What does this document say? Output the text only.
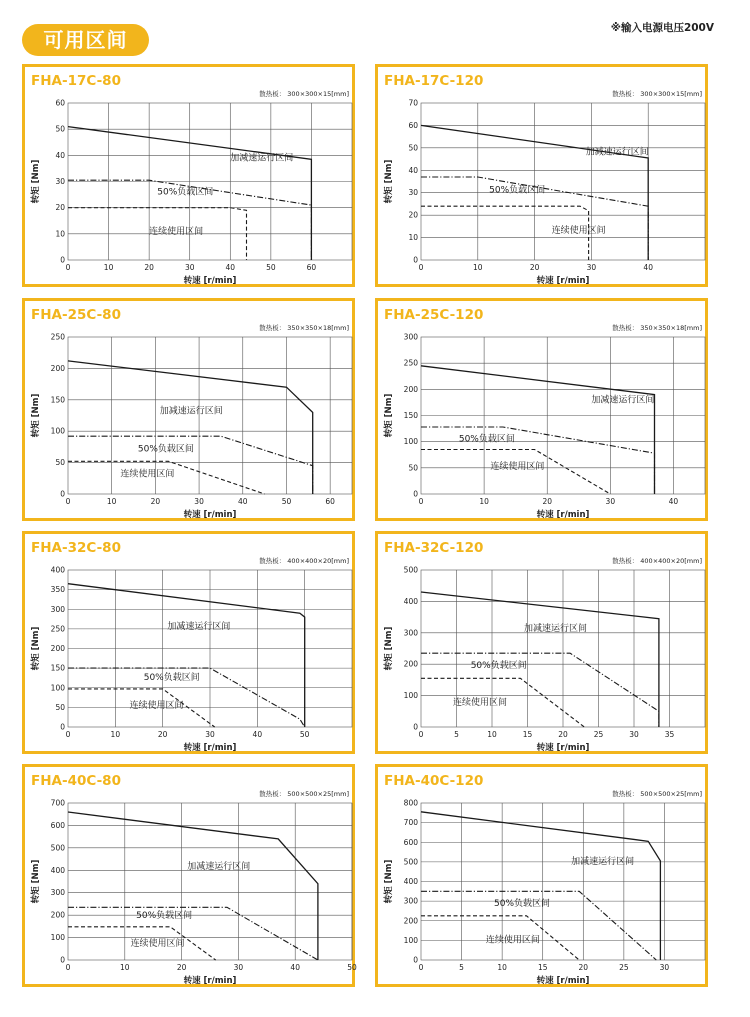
可用区间	※输入电源电压200V
FHA-17C-80
散热板： 300×300×15[mm]
0	10	20	30	40	50	60
0
10
20
30
40
50
60
转速 [r/min]
转矩 [Nm]
加减速运行区间
50%负载区间
连续使用区间
FHA-17C-120
散热板： 300×300×15[mm]
0	10	20	30	40
0
10
20
30
40
50
60
70
转速 [r/min]
转矩 [Nm]
加减速运行区间
50%负载区间
连续使用区间
FHA-25C-80
散热板： 350×350×18[mm]
0	10	20	30	40	50	60
0
50
100
150
200
250
转速 [r/min]
转矩 [Nm]	加减速运行区间
50%负载区间
连续使用区间
FHA-25C-120
散热板： 350×350×18[mm]
0	10	20	30	40
0
50
100
150
200
250
300
转速 [r/min]
转矩 [Nm]	加减速运行区间
50%负载区间
连续使用区间
FHA-32C-80
散热板： 400×400×20[mm]
0	10	20	30	40	50
0
50
100
150
200
250
300
350
400
转速 [r/min]
转矩 [Nm]	加减速运行区间
50%负载区间
连续使用区间
FHA-32C-120
散热板： 400×400×20[mm]
0	5	10	15	20	25	30	35
0
100
200
300
400
500
转速 [r/min]
转矩 [Nm]	加减速运行区间
50%负载区间
连续使用区间
FHA-40C-80
散热板： 500×500×25[mm]
0	10	20	30	40	50
0
100
200
300
400
500
600
700
转速 [r/min]
转矩 [Nm]	加减速运行区间
50%负载区间
连续使用区间
FHA-40C-120
散热板： 500×500×25[mm]
0	5	10	15	20	25	30
0
100
200
300
400
500
600
700
800
转速 [r/min]
转矩 [Nm]	加减速运行区间
50%负载区间
连续使用区间
